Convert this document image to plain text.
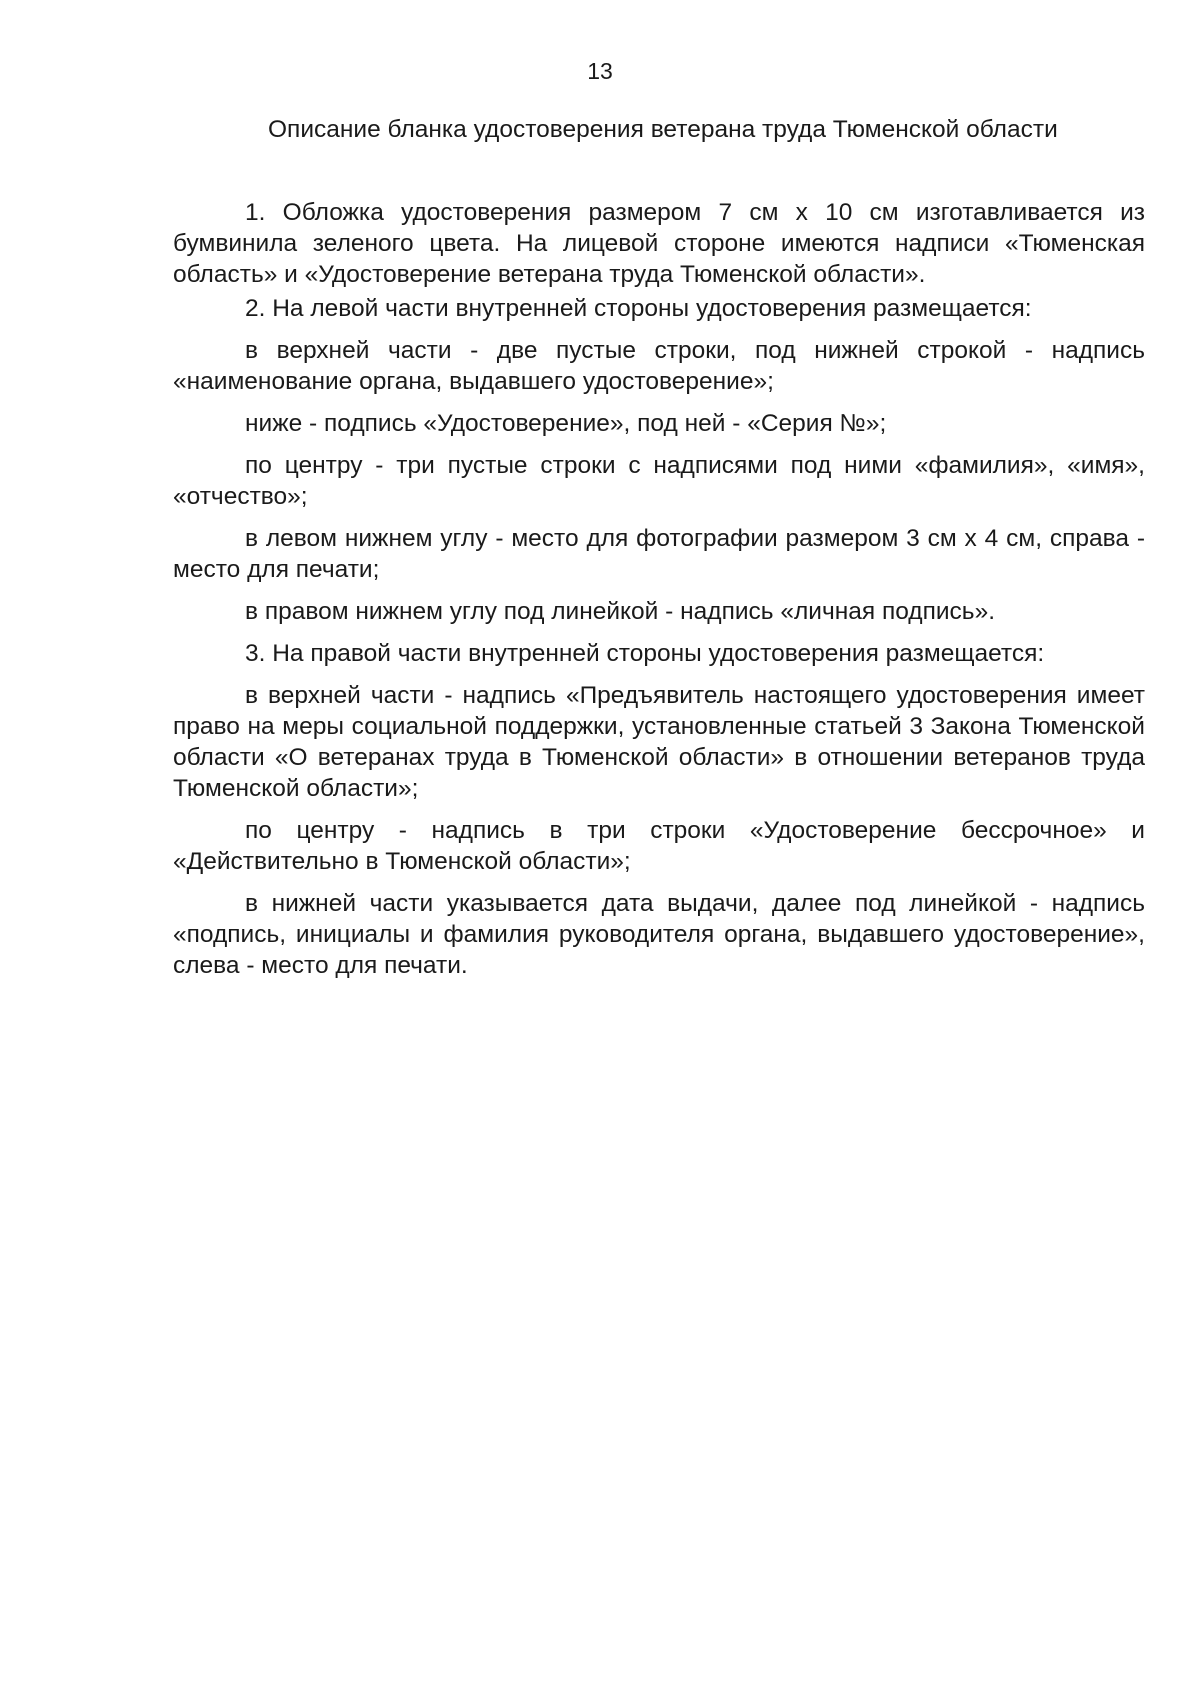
13
Описание бланка удостоверения ветерана труда Тюменской области

1. Обложка удостоверения размером 7 см х 10 см изготавливается из бумвинила зеленого цвета. На лицевой стороне имеются надписи «Тюменская область» и «Удостоверение ветерана труда Тюменской области».

2. На левой части внутренней стороны удостоверения размещается:

в верхней части - две пустые строки, под нижней строкой - надпись «наименование органа, выдавшего удостоверение»;

ниже - подпись «Удостоверение», под ней - «Серия №»;

по центру - три пустые строки с надписями под ними «фамилия», «имя», «отчество»;

в левом нижнем углу - место для фотографии размером 3 см х 4 см, справа - место для печати;

в правом нижнем углу под линейкой - надпись «личная подпись».

3. На правой части внутренней стороны удостоверения размещается:

в верхней части - надпись «Предъявитель настоящего удостоверения имеет право на меры социальной поддержки, установленные статьей 3 Закона Тюменской области «О ветеранах труда в Тюменской области» в отношении ветеранов труда Тюменской области»;

по центру - надпись в три строки «Удостоверение бессрочное» и «Действительно в Тюменской области»;

в нижней части указывается дата выдачи, далее под линейкой - надпись «подпись, инициалы и фамилия руководителя органа, выдавшего удостоверение», слева - место для печати.
